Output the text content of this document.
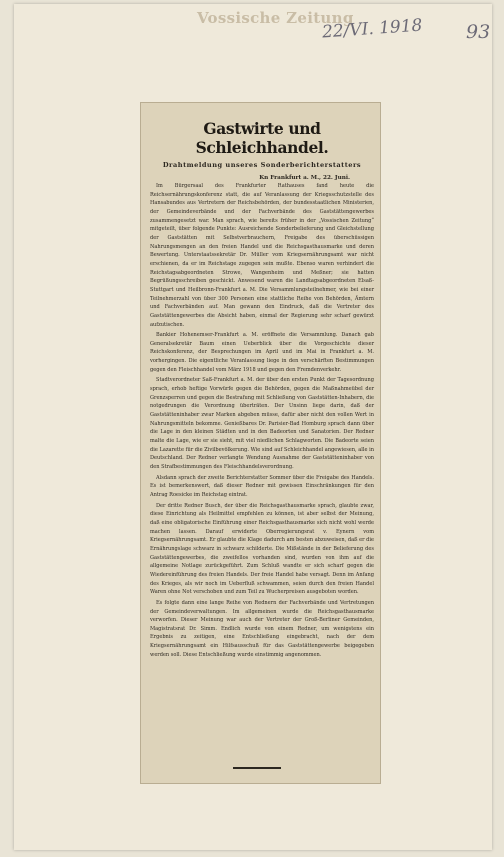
Vossische Zeitung
22/VI. 1918 93
Gastwirte und Schleichhandel.
Drahtmeldung unseres Sonderberichterstatters
Kn Frankfurt a. M., 22. Juni.

Im Bürgersaal des Frankfurter Rathauses fand heute die Reichsernährungskonferenz statt, die auf Veranlassung der Kriegsschutzstelle des Hansabundes aus Vertretern der Reichsbehörden, der bundesstaatlichen Ministerien, der Gemeindeverbände und der Fachverbände des Gaststättengewerbes zusammengesetzt war. Man sprach, wie bereits früher in der „Vossischen Zeitung“ mitgeteilt, über folgende Punkte: Ausreichende Sonderbelieferung und Gleichstellung der Gaststätten mit Selbstverbrauchern, Freigabe des überschüssigen Nahrungsmengen an den freien Handel und die Reichsgasthausmarke und deren Bewertung. Unterstaatssekretär Dr. Müller vom Kriegsernährungsamt war nicht erschienen, da er im Reichstage zugegen sein mußte. Ebenso waren verhindert die Reichstagsabgeordneten Strowe, Wangenheim und Meßner; sie hatten Begrüßungsschreiben geschickt. Anwesend waren die Landtagsabgeordneten Elsaß-Stuttgart und Heilbronn-Frankfurt a. M. Die Versammlungsteilnehmer, wie bei einer Teilnehmerzahl von über 300 Personen eine stattliche Reihe von Behörden, Ämtern und Fachverbänden auf. Man gewann den Eindruck, daß die Vertreter des Gaststättengewerbes die Absicht haben, einmal der Regierung sehr scharf gewürzt aufzutischen.

Bankier Hohenemser-Frankfurt a. M. eröffnete die Versammlung. Danach gab Generalsekretär Baum einen Ueberblick über die Vorgeschichte dieser Reichskonferenz, der Besprechungen im April und im Mai in Frankfurt a. M. vorhergingen. Die eigentliche Veranlassung liege in den verschärften Bestimmungen gegen den Fleischhandel vom März 1918 und gegen den Fremdenverkehr.

Stadtverordneter Saß-Frankfurt a. M. der über den ersten Punkt der Tagesordnung sprach, erhob heftige Vorwürfe gegen die Behörden, gegen die Maßnahmeübel der Grenzsperren und gegen die Bestrafung mit Schließung von Gaststätten-Inhabern, die notgedrungen die Verordnung überträten. Der Unsinn liege darin, daß der Gaststätteninhaber zwar Marken abgeben müsse, dafür aber nicht den vollen Wert in Nahrungsmitteln bekomme. Genießbares Dr. Parisier-Bad Homburg sprach dann über die Lage in den kleinen Städten und in den Badeorten und Sanatorien. Der Redner malte die Lage, wie er sie sieht, mit viel niedlichen Schlagworten. Die Badeorte seien die Lazarette für die Zivilbevölkerung. Wie sind auf Schleichhandel angewiesen, alle in Deutschland. Der Redner verlangte Wendung Ausnahme der Gaststätteninhaber von den Strafbestimmungen des Fleischhandelsverordnung.

Alsdann sprach der zweite Berichterstatter Sommer über die Freigabe des Handels. Es ist bemerkenswert, daß dieser Redner mit gewissen Einschränkungen für den Antrag Roesicke im Reichstag eintrat.

Der dritte Redner Busch, der über die Reichsgasthausmarke sprach, glaubte zwar, diese Einrichtung als Heilmittel empfehlen zu können, ist aber selbst der Meinung, daß eine obligatorische Einführung einer Reichsgasthausmarke sich nicht wohl werde machen lassen. Darauf erwiderte Oberregierungsrat v. Eynern vom Kriegsernährungsamt. Er glaubte die Klage dadurch am besten abzuweisen, daß er die Ernährungslage schwarz in schwarz schilderte. Die Mißstände in der Belieferung des Gaststättengewerbes, die zweifellos vorhanden sind, wurden von ihm auf die allgemeine Notlage zurückgeführt. Zum Schluß wandte er sich scharf gegen die Wiedereinführung des freien Handels. Der freie Handel habe versagt. Denn im Anfang des Krieges, als wir noch im Ueberfluß schwammen, seien durch den freien Handel Waren ohne Not verschoben und zum Teil zu Wucherpreisen ausgeboten worden.

Es folgte dann eine lange Reihe von Rednern der Fachverbände und Vertretungen der Gemeindeverwaltungen. Im allgemeinen wurde die Reichsgasthausmarke verworfen. Dieser Meinung war auch der Vertreter der Groß-Berliner Gemeinden, Magistratsrat Dr. Simm. Endlich wurde von einem Redner, um wenigstens ein Ergebnis zu zeitigen, eine Entschließung eingebracht, nach der dem Kriegsernährungsamt ein Hilfsausschuß für das Gaststättengewerbe beigegeben werden soll. Diese Entschließung wurde einstimmig angenommen.
